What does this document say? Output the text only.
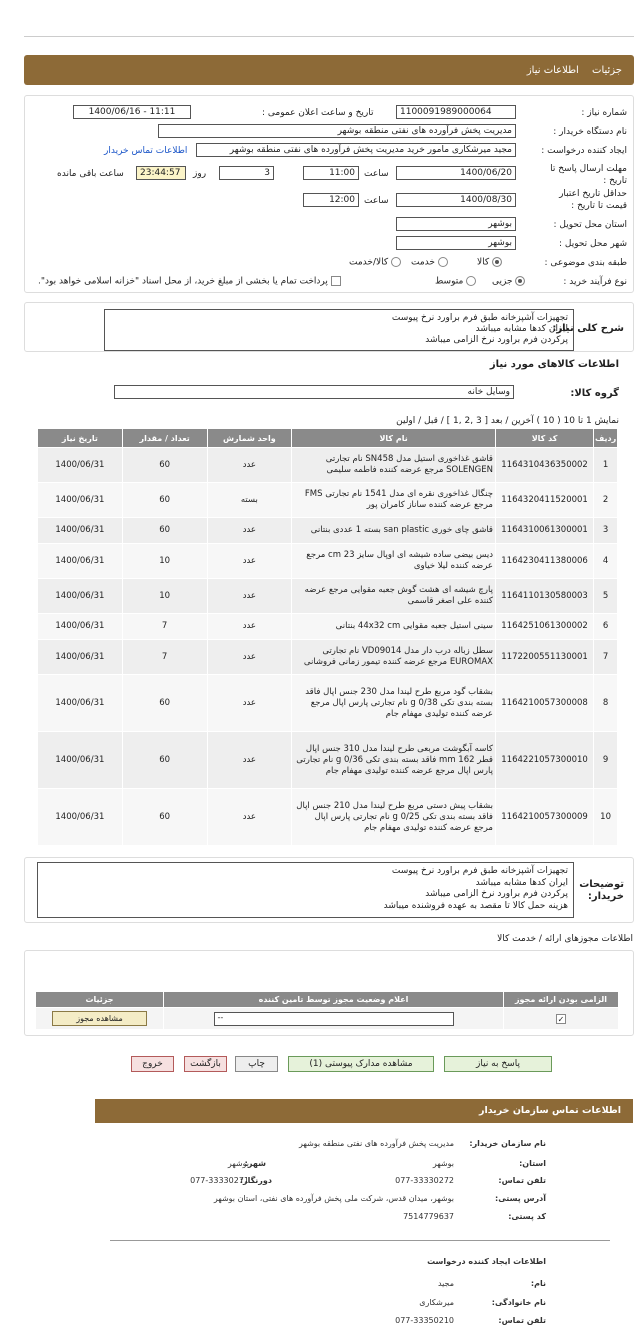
جزئیات اطلاعات نیاز
شماره نیاز :
1100091989000064
تاریخ و ساعت اعلان عمومی :
1400/06/16 - 11:11
نام دستگاه خریدار :
مدیریت پخش فرآورده های نفتی منطقه بوشهر
ایجاد کننده درخواست :
مجید میرشکاری مامور خرید مدیریت پخش فرآورده های نفتی منطقه بوشهر
اطلاعات تماس خریدار
مهلت ارسال پاسخ تا تاریخ :
1400/06/20
ساعت
11:00
3
روز
23:44:57
ساعت باقی مانده
حداقل تاریخ اعتبار قیمت تا تاریخ :
1400/08/30
ساعت
12:00
استان محل تحویل :
بوشهر
شهر محل تحویل :
بوشهر
طبقه بندی موضوعی :
کالا
خدمت
کالا/خدمت
نوع فرآیند خرید :
جزیی
متوسط
پرداخت تمام یا بخشی از مبلغ خرید، از محل اسناد "خزانه اسلامی خواهد بود".
شرح کلی نیاز:
تجهیزات آشپزخانه طبق فرم براورد نرخ پیوست
ایران کدها مشابه میباشد
پرکردن فرم براورد نرخ الزامی میباشد
اطلاعات کالاهای مورد نیاز
گروه کالا:
وسایل خانه
نمایش 1 تا 10 ( 10 ) آخرین / بعد [ 3 ,2 ,1 ] / قبل / اولین
ردیف	کد کالا	نام کالا	واحد شمارش	تعداد / مقدار	تاریخ نیاز
1	1164310436350002	قاشق غذاخوری استیل مدل SN458 نام تجارتی SOLENGEN مرجع عرضه کننده فاطمه سلیمی	عدد	60	1400/06/31
2	1164320411520001	چنگال غذاخوری نقره ای مدل 1541 نام تجارتی FMS مرجع عرضه کننده ساناز کامران پور	بسته	60	1400/06/31
3	1164310061300001	قاشق چای خوری san plastic بسته 1 عددی بنتانی	عدد	60	1400/06/31
4	1164230411380006	دیس بیضی ساده شیشه ای اوپال سایز 23 cm مرجع عرضه کننده لیلا خیاوی	عدد	10	1400/06/31
5	1164110130580003	پارچ شیشه ای هشت گوش جعبه مقوایی مرجع عرضه کننده علی اصغر قاسمی	عدد	10	1400/06/31
6	1164251061300002	سینی استیل جعبه مقوایی 44x32 cm بنتانی	عدد	7	1400/06/31
7	1172200551130001	سطل زباله درب دار مدل VD09014 نام تجارتی EUROMAX مرجع عرضه کننده تیمور زمانی فروشانی	عدد	7	1400/06/31
8	1164210057300008	بشقاب گود مربع طرح لیندا مدل 230 جنس اپال فاقد بسته بندی تکی g 0/38 نام تجارتی پارس اپال مرجع عرضه کننده تولیدی مهفام جام	عدد	60	1400/06/31
9	1164221057300010	کاسه آبگوشت مربعی طرح لیندا مدل 310 جنس اپال قطر mm 162 فاقد بسته بندی تکی g 0/36 نام تجارتی پارس اپال مرجع عرضه کننده تولیدی مهفام جام	عدد	60	1400/06/31
10	1164210057300009	بشقاب پیش دستی مربع طرح لیندا مدل 210 جنس اپال فاقد بسته بندی تکی g 0/25 نام تجارتی پارس اپال مرجع عرضه کننده تولیدی مهفام جام	عدد	60	1400/06/31
توضیحات خریدار:
تجهیزات آشپزخانه طبق فرم براورد نرخ پیوست
ایران کدها مشابه میباشد
پرکردن فرم براورد نرخ الزامی میباشد
هزینه حمل کالا تا مقصد به عهده فروشنده میباشد
اطلاعات مجوزهای ارائه / خدمت کالا
الزامی بودن ارائه مجوز	اعلام وضعیت مجوز توسط تامین کننده	جزئیات
✓	--	مشاهده مجوز
پاسخ به نیاز
مشاهده مدارک پیوستی (1)
چاپ
بازگشت
خروج
اطلاعات تماس سازمان خریدار
نام سازمان خریدار:
مدیریت پخش فرآورده های نفتی منطقه بوشهر
استان:
بوشهر
شهر:
بوشهر
تلفن تماس:
077-33330272
دورنگار:
077-33330271
آدرس پستی:
بوشهر، میدان قدس، شرکت ملی پخش فرآورده های نفتی، استان بوشهر
کد پستی:
7514779637
اطلاعات ایجاد کننده درخواست
نام:
مجید
نام خانوادگی:
میرشکاری
تلفن تماس:
077-33350210
